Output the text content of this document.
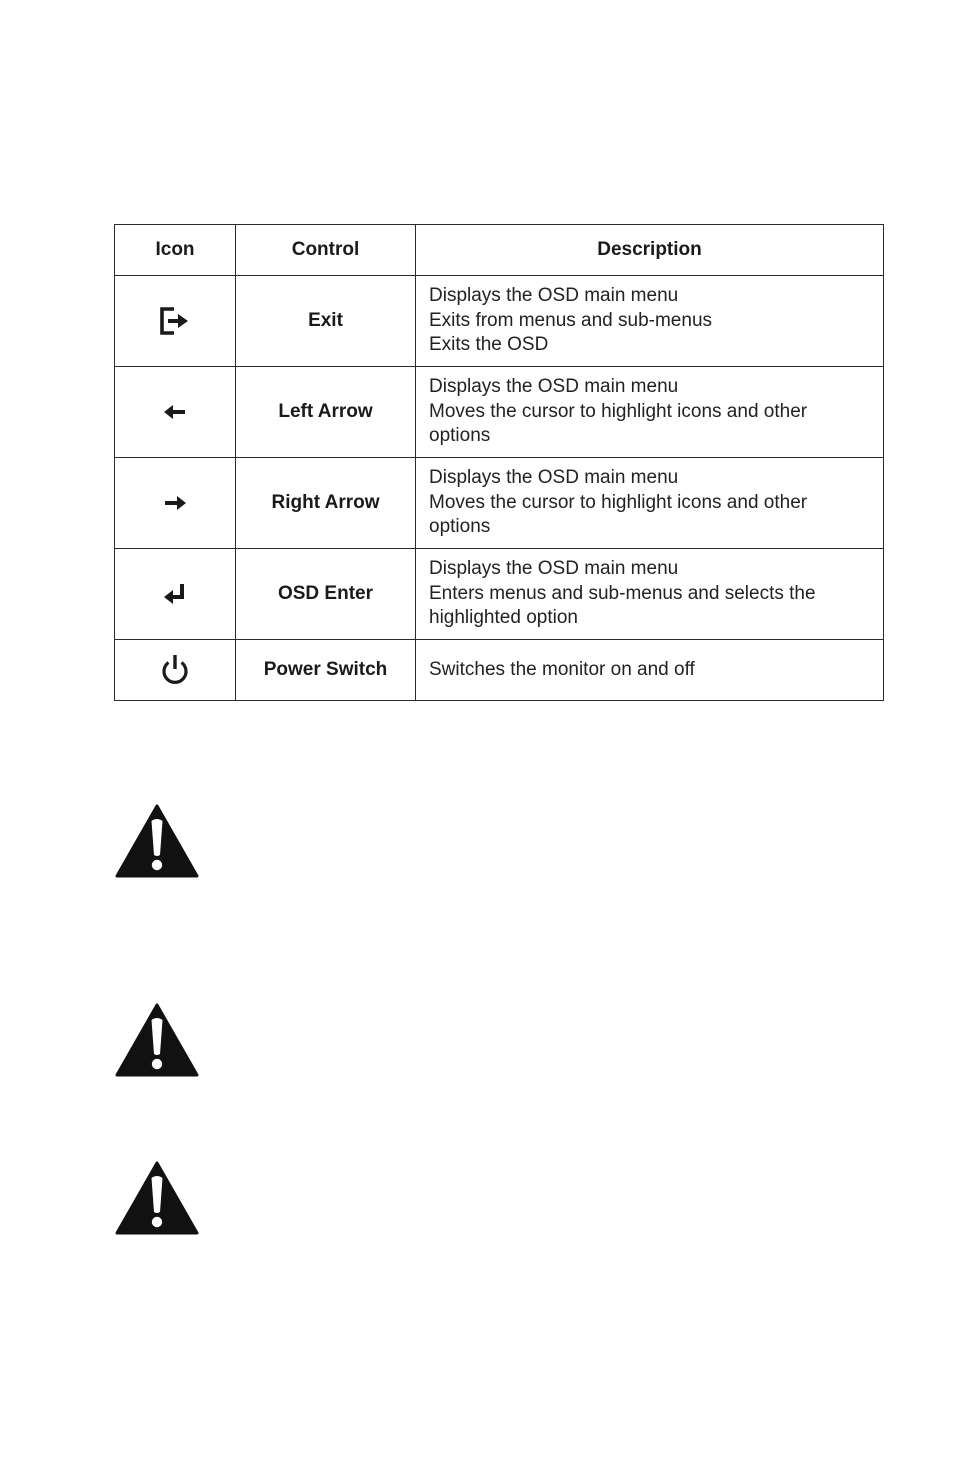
Icon	Control	Description
	Exit	Displays the OSD main menu
Exits from menus and sub-menus
Exits the OSD

	Left Arrow	Displays the OSD main menu
Moves the cursor to highlight icons and other
options

	Right Arrow	Displays the OSD main menu
Moves the cursor to highlight icons and other
options

	OSD Enter	Displays the OSD main menu
Enters menus and sub-menus and selects the
highlighted option

	Power Switch	Switches the monitor on and off
